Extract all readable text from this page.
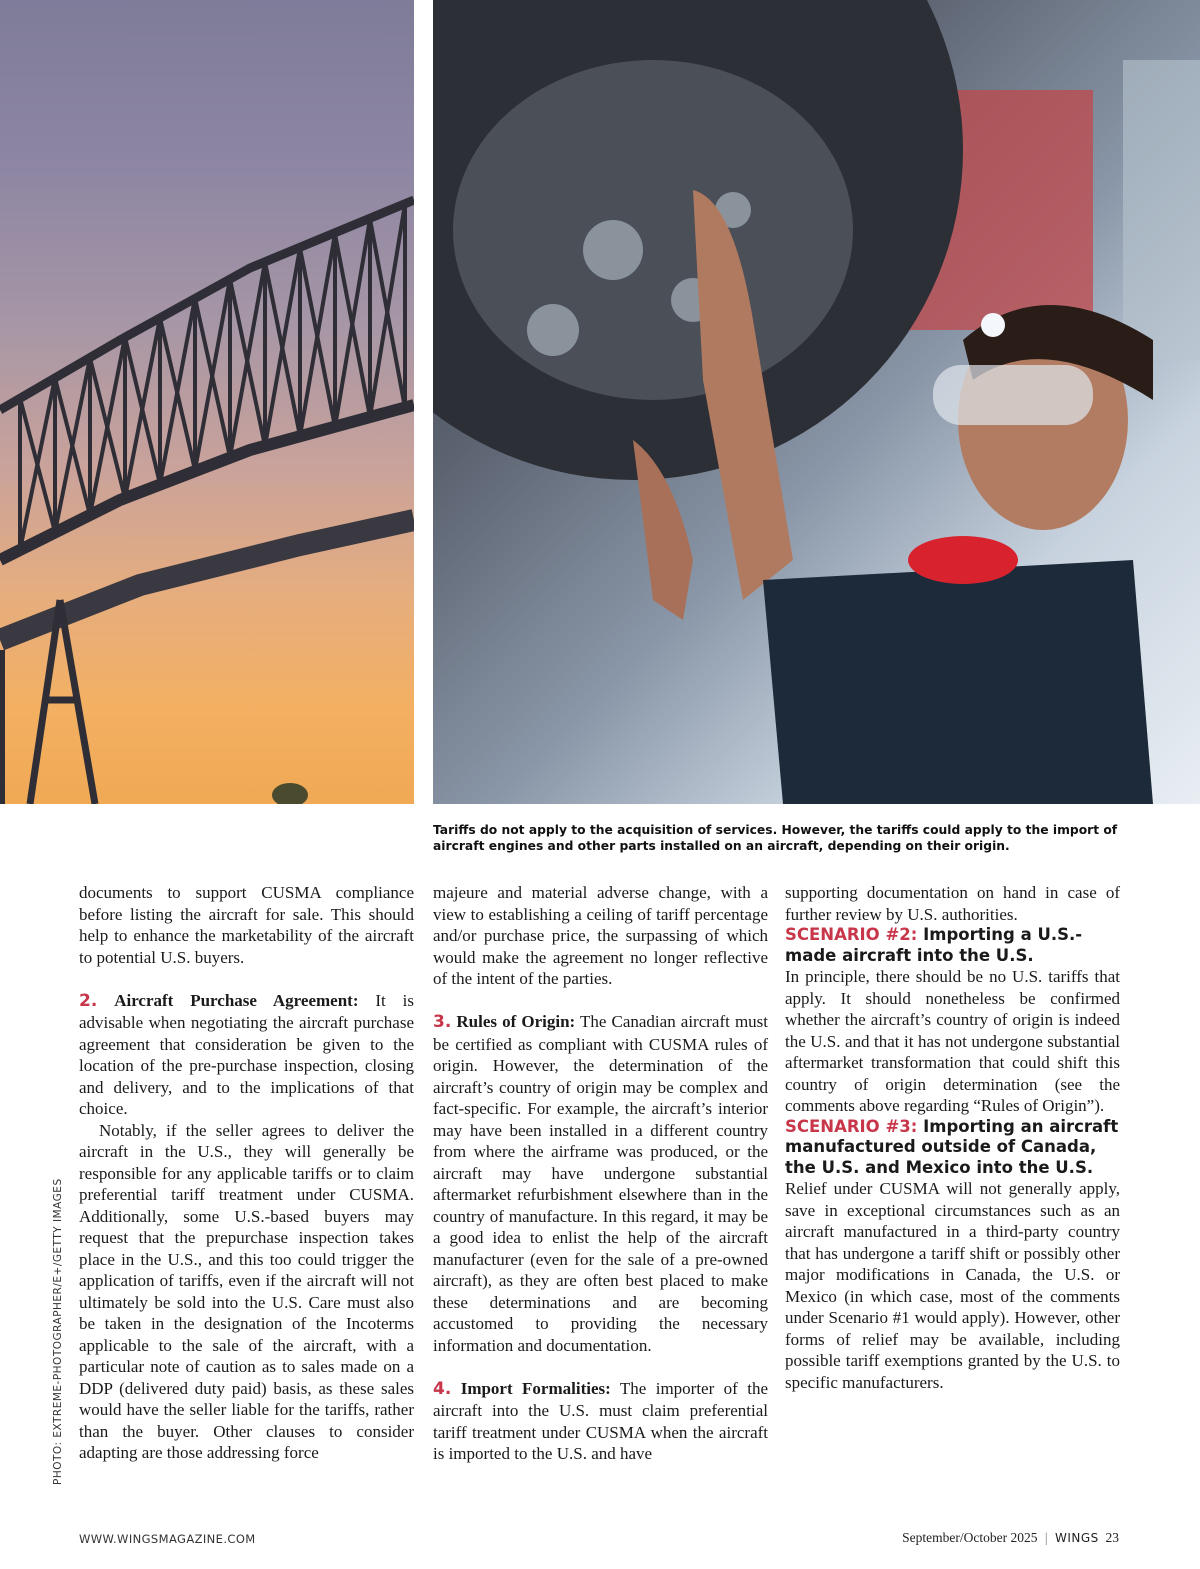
Tariffs do not apply to the acquisition of services. However, the tariffs could apply to the import of aircraft engines and other parts installed on an aircraft, depending on their origin.
PHOTO: EXTREME-PHOTOGRAPHER/E+/GETTY IMAGES

documents to support CUSMA compliance before listing the aircraft for sale. This should help to enhance the marketability of the aircraft to potential U.S. buyers.

2. Aircraft Purchase Agreement: It is advisable when negotiating the aircraft purchase agreement that consideration be given to the location of the pre-purchase inspection, closing and delivery, and to the implications of that choice.

Notably, if the seller agrees to deliver the aircraft in the U.S., they will generally be responsible for any applicable tariffs or to claim preferential tariff treatment under CUSMA. Additionally, some U.S.-based buyers may request that the prepurchase inspection takes place in the U.S., and this too could trigger the application of tariffs, even if the aircraft will not ultimately be sold into the U.S. Care must also be taken in the designation of the Incoterms applicable to the sale of the aircraft, with a particular note of caution as to sales made on a DDP (delivered duty paid) basis, as these sales would have the seller liable for the tariffs, rather than the buyer. Other clauses to consider adapting are those addressing force

majeure and material adverse change, with a view to establishing a ceiling of tariff percentage and/or purchase price, the surpassing of which would make the agreement no longer reflective of the intent of the parties.

3. Rules of Origin: The Canadian aircraft must be certified as compliant with CUSMA rules of origin. However, the determination of the aircraft’s country of origin may be complex and fact-specific. For example, the aircraft’s interior may have been installed in a different country from where the airframe was produced, or the aircraft may have undergone substantial aftermarket refurbishment elsewhere than in the country of manufacture. In this regard, it may be a good idea to enlist the help of the aircraft manufacturer (even for the sale of a pre-owned aircraft), as they are often best placed to make these determinations and are becoming accustomed to providing the necessary information and documentation.

4. Import Formalities: The importer of the aircraft into the U.S. must claim preferential tariff treatment under CUSMA when the aircraft is imported to the U.S. and have

supporting documentation on hand in case of further review by U.S. authorities.

SCENARIO #2: Importing a U.S.-made aircraft into the U.S.

In principle, there should be no U.S. tariffs that apply. It should nonetheless be confirmed whether the aircraft’s country of origin is indeed the U.S. and that it has not undergone substantial aftermarket transformation that could shift this country of origin determination (see the comments above regarding “Rules of Origin”).

SCENARIO #3: Importing an aircraft manufactured outside of Canada, the U.S. and Mexico into the U.S.

Relief under CUSMA will not generally apply, save in exceptional circumstances such as an aircraft manufactured in a third-party country that has undergone a tariff shift or possibly other major modifications in Canada, the U.S. or Mexico (in which case, most of the comments under Scenario #1 would apply). However, other forms of relief may be available, including possible tariff exemptions granted by the U.S. to specific manufacturers.

WWW.WINGSMAGAZINE.COM	September/October 2025 | WINGS 23
